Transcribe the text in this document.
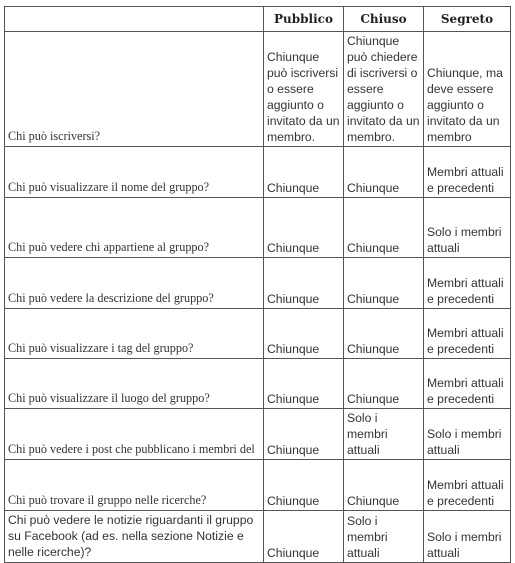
	Pubblico	Chiuso	Segreto
Chi può iscriversi?	Chiunque può iscriversi o essere aggiunto o invitato da un membro.	Chiunque può chiedere di iscriversi o essere aggiunto o invitato da un membro.	Chiunque, ma deve essere aggiunto o invitato da un membro
Chi può visualizzare il nome del gruppo?	Chiunque	Chiunque	Membri attuali e precedenti
Chi può vedere chi appartiene al gruppo?	Chiunque	Chiunque	Solo i membri attuali
Chi può vedere la descrizione del gruppo?	Chiunque	Chiunque	Membri attuali e precedenti
Chi può visualizzare i tag del gruppo?	Chiunque	Chiunque	Membri attuali e precedenti
Chi può visualizzare il luogo del gruppo?	Chiunque	Chiunque	Membri attuali e precedenti
Chi può vedere i post che pubblicano i membri del	Chiunque	Solo i membri attuali	Solo i membri attuali
Chi può trovare il gruppo nelle ricerche?	Chiunque	Chiunque	Membri attuali e precedenti
Chi può vedere le notizie riguardanti il gruppo su Facebook (ad es. nella sezione Notizie e nelle ricerche)?	Chiunque	Solo i membri attuali	Solo i membri attuali
